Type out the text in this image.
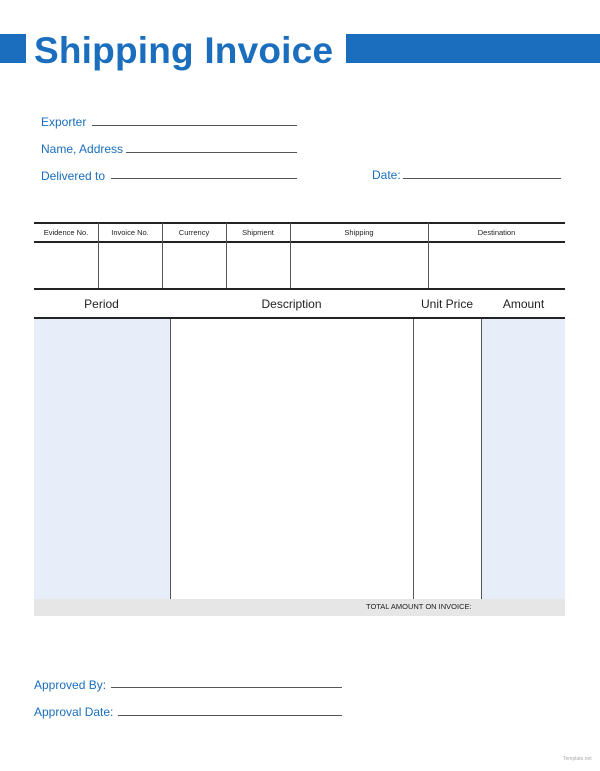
Shipping Invoice
Exporter
Name, Address
Delivered to	Date:
Evidence No.	Invoice No.	Currency	Shipment	Shipping	Destination
Period	Description	Unit Price	Amount
TOTAL AMOUNT ON INVOICE:
Approved By:
Approval Date:
Template.net
